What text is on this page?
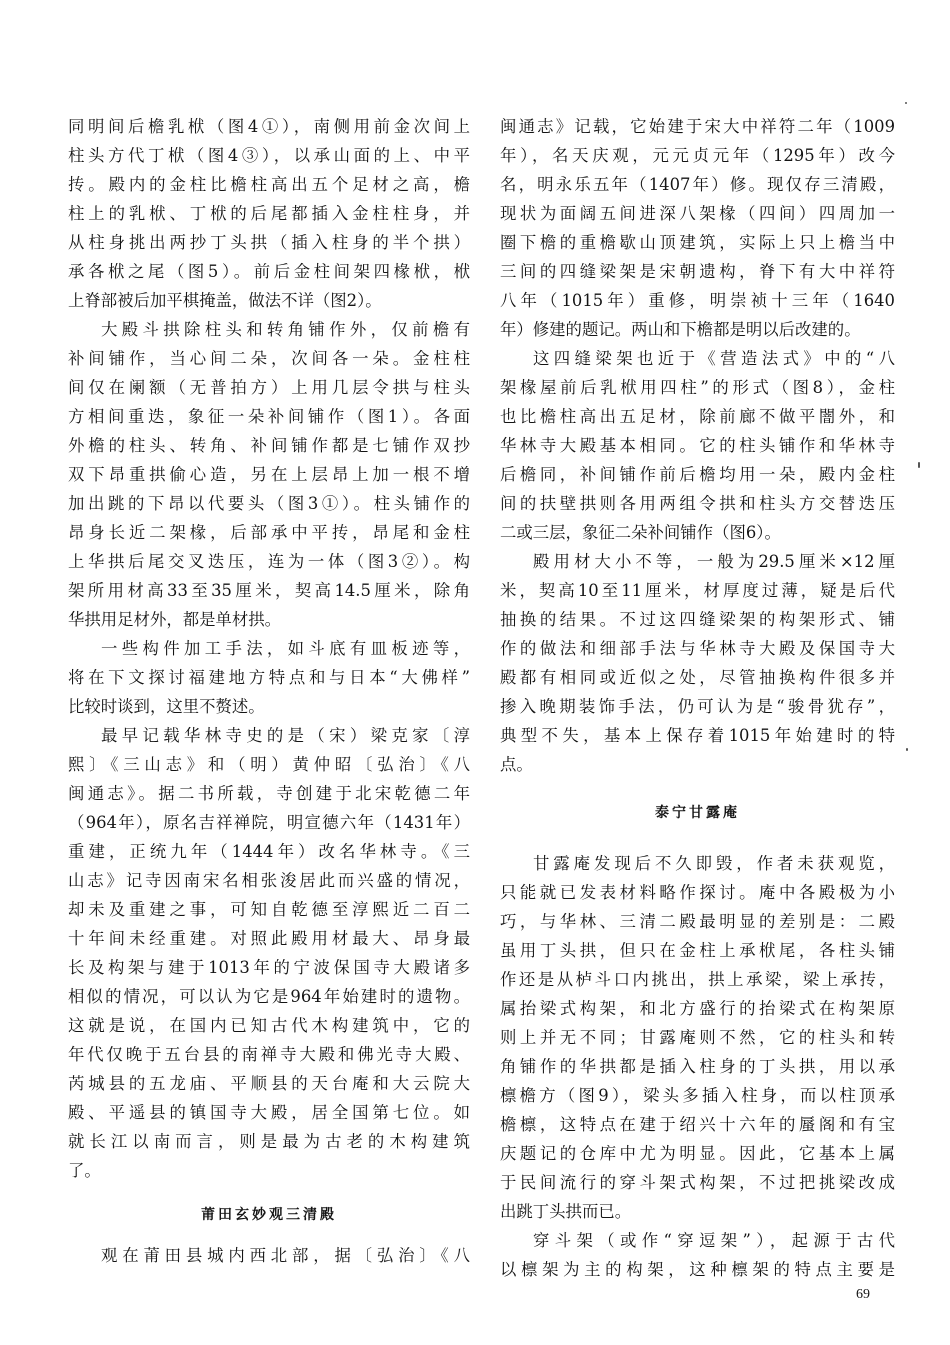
同明间后檐乳栿（图4①），南侧用前金次间上
柱头方代丁栿（图4③），以承山面的上、中平
抟。殿内的金柱比檐柱高出五个足材之高，檐
柱上的乳栿、丁栿的后尾都插入金柱柱身，并
从柱身挑出两抄丁头拱（插入柱身的半个拱）
承各栿之尾（图5）。前后金柱间架四椽栿，栿
上脊部被后加平棋掩盖，做法不详（图2）。
大殿斗拱除柱头和转角铺作外，仅前檐有
补间铺作，当心间二朵，次间各一朵。金柱柱
间仅在阑额（无普拍方）上用几层令拱与柱头
方相间重迭，象征一朵补间铺作（图1）。各面
外檐的柱头、转角、补间铺作都是七铺作双抄
双下昂重拱偷心造，另在上层昂上加一根不增
加出跳的下昂以代要头（图3①）。柱头铺作的
昂身长近二架椽，后部承中平抟，昂尾和金柱
上华拱后尾交叉迭压，连为一体（图3②）。构
架所用材高33至35厘米，契高14.5厘米，除角
华拱用足材外，都是单材拱。
一些构件加工手法，如斗底有皿板迹等，
将在下文探讨福建地方特点和与日本“大佛样”
比较时谈到，这里不赘述。
最早记载华林寺史的是（宋）梁克家〔淳
熙〕《三山志》和（明）黄仲昭〔弘治〕《八
闽通志》。据二书所载，寺创建于北宋乾德二年
（964年），原名吉祥禅院，明宣德六年（1431年）
重建，正统九年（1444年）改名华林寺。《三
山志》记寺因南宋名相张浚居此而兴盛的情况，
却未及重建之事，可知自乾德至淳熙近二百二
十年间未经重建。对照此殿用材最大、昂身最
长及构架与建于1013年的宁波保国寺大殿诸多
相似的情况，可以认为它是964年始建时的遗物。
这就是说，在国内已知古代木构建筑中，它的
年代仅晚于五台县的南禅寺大殿和佛光寺大殿、
芮城县的五龙庙、平顺县的天台庵和大云院大
殿、平遥县的镇国寺大殿，居全国第七位。如
就长江以南而言，则是最为古老的木构建筑
了。
莆田玄妙观三清殿
观在莆田县城内西北部，据〔弘治〕《八
闽通志》记载，它始建于宋大中祥符二年（1009
年），名天庆观，元元贞元年（1295年）改今
名，明永乐五年（1407年）修。现仅存三清殿，
现状为面阔五间进深八架椽（四间）四周加一
圈下檐的重檐歇山顶建筑，实际上只上檐当中
三间的四缝梁架是宋朝遗构，脊下有大中祥符
八年（1015年）重修，明崇祯十三年（1640
年）修建的题记。两山和下檐都是明以后改建的。
这四缝梁架也近于《营造法式》中的“八
架椽屋前后乳栿用四柱”的形式（图8），金柱
也比檐柱高出五足材，除前廊不做平闇外，和
华林寺大殿基本相同。它的柱头铺作和华林寺
后檐同，补间铺作前后檐均用一朵，殿内金柱
间的扶壁拱则各用两组令拱和柱头方交替迭压
二或三层，象征二朵补间铺作（图6）。
殿用材大小不等，一般为29.5厘米×12厘
米，契高10至11厘米，材厚度过薄，疑是后代
抽换的结果。不过这四缝梁架的构架形式、铺
作的做法和细部手法与华林寺大殿及保国寺大
殿都有相同或近似之处，尽管抽换构件很多并
掺入晚期装饰手法，仍可认为是“骏骨犹存”，
典型不失，基本上保存着1015年始建时的特
点。
泰宁甘露庵
甘露庵发现后不久即毁，作者未获观览，
只能就已发表材料略作探讨。庵中各殿极为小
巧，与华林、三清二殿最明显的差别是：二殿
虽用丁头拱，但只在金柱上承栿尾，各柱头铺
作还是从栌斗口内挑出，拱上承梁，梁上承抟，
属抬梁式构架，和北方盛行的抬梁式在构架原
则上并无不同；甘露庵则不然，它的柱头和转
角铺作的华拱都是插入柱身的丁头拱，用以承
檩檐方（图9），梁头多插入柱身，而以柱顶承
檐檩，这特点在建于绍兴十六年的蜃阁和有宝
庆题记的仓库中尤为明显。因此，它基本上属
于民间流行的穿斗架式构架，不过把挑梁改成
出跳丁头拱而已。
穿斗架（或作“穿逗架”），起源于古代
以檩架为主的构架，这种檩架的特点主要是
69
